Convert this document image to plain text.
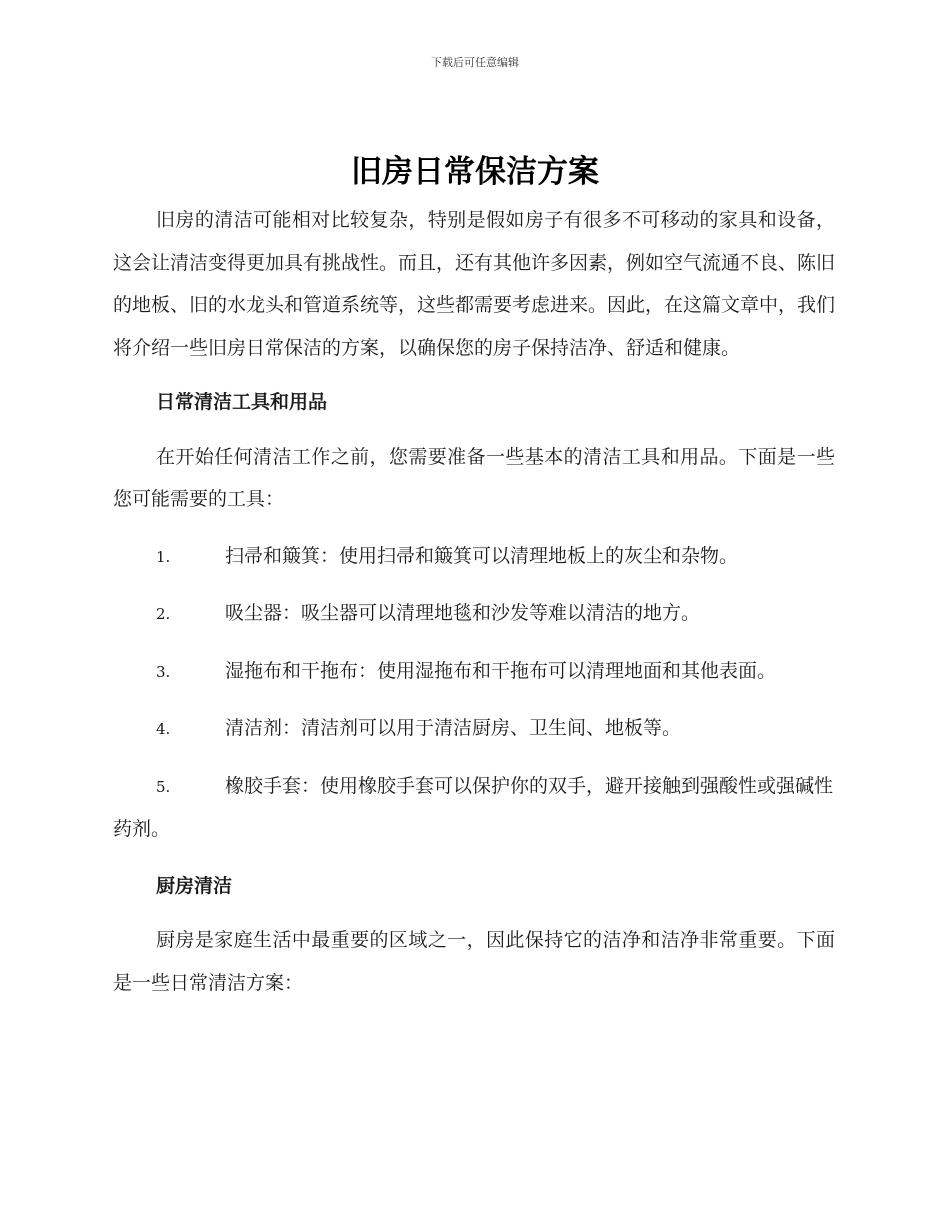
下载后可任意编辑
旧房日常保洁方案

旧房的清洁可能相对比较复杂，特别是假如房子有很多不可移动的家具和设备，这会让清洁变得更加具有挑战性。而且，还有其他许多因素，例如空气流通不良、陈旧的地板、旧的水龙头和管道系统等，这些都需要考虑进来。因此，在这篇文章中，我们将介绍一些旧房日常保洁的方案，以确保您的房子保持洁净、舒适和健康。

日常清洁工具和用品

在开始任何清洁工作之前，您需要准备一些基本的清洁工具和用品。下面是一些您可能需要的工具：

1.	扫帚和簸箕：使用扫帚和簸箕可以清理地板上的灰尘和杂物。
2.	吸尘器：吸尘器可以清理地毯和沙发等难以清洁的地方。
3.	湿拖布和干拖布：使用湿拖布和干拖布可以清理地面和其他表面。
4.	清洁剂：清洁剂可以用于清洁厨房、卫生间、地板等。
5.	橡胶手套：使用橡胶手套可以保护你的双手，避开接触到强酸性或强碱性药剂。
厨房清洁

厨房是家庭生活中最重要的区域之一，因此保持它的洁净和洁净非常重要。下面是一些日常清洁方案：
